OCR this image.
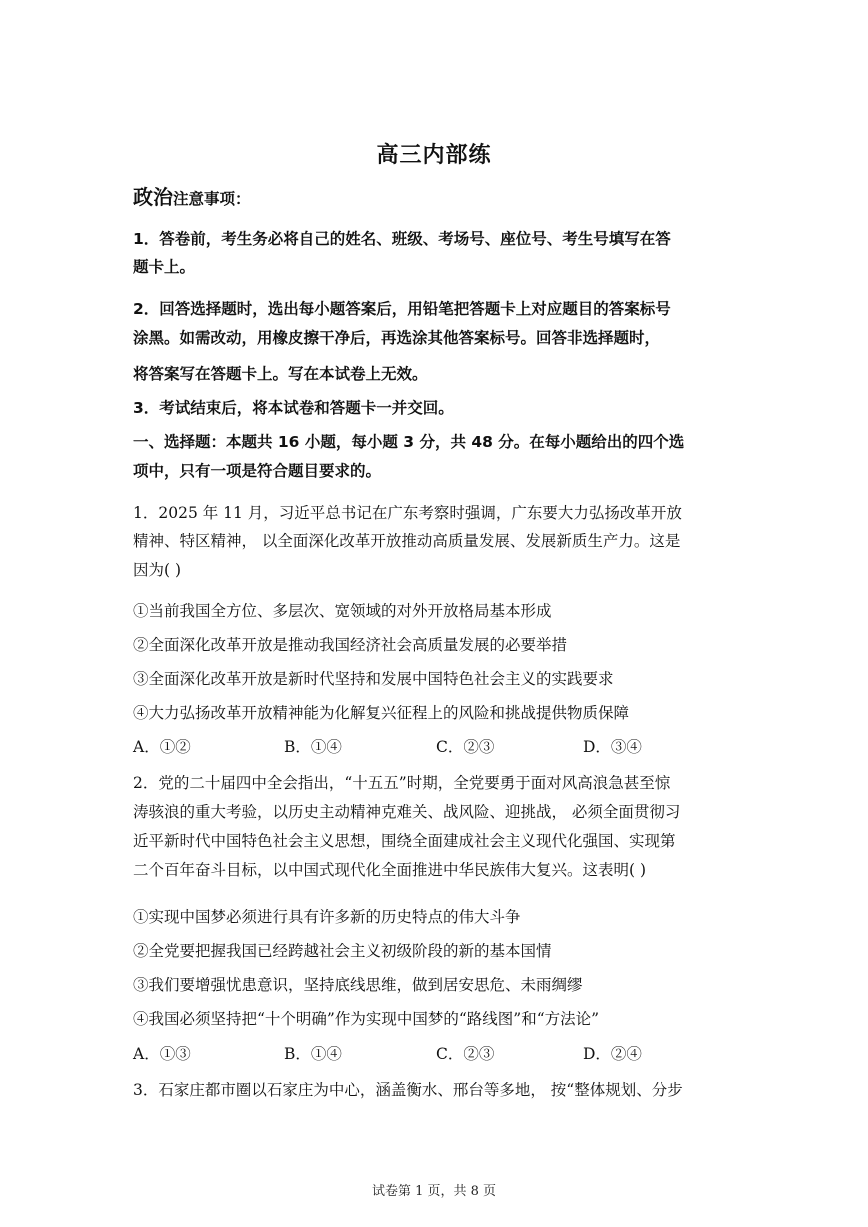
高三内部练
政治注意事项：
1．答卷前，考生务必将自己的姓名、班级、考场号、座位号、考生号填写在答
题卡上。
2．回答选择题时，选出每小题答案后，用铅笔把答题卡上对应题目的答案标号
涂黑。如需改动，用橡皮擦干净后，再选涂其他答案标号。回答非选择题时，
将答案写在答题卡上。写在本试卷上无效。
3．考试结束后，将本试卷和答题卡一并交回。
一、选择题：本题共 16 小题，每小题 3 分，共 48 分。在每小题给出的四个选
项中，只有一项是符合题目要求的。
1．2025 年 11 月，习近平总书记在广东考察时强调，广东要大力弘扬改革开放
精神、特区精神， 以全面深化改革开放推动高质量发展、发展新质生产力。这是
因为( )
①当前我国全方位、多层次、宽领域的对外开放格局基本形成
②全面深化改革开放是推动我国经济社会高质量发展的必要举措
③全面深化改革开放是新时代坚持和发展中国特色社会主义的实践要求
④大力弘扬改革开放精神能为化解复兴征程上的风险和挑战提供物质保障
A．①②	B．①④	C．②③	D．③④
2．党的二十届四中全会指出，“十五五”时期，全党要勇于面对风高浪急甚至惊
涛骇浪的重大考验，以历史主动精神克难关、战风险、迎挑战， 必须全面贯彻习
近平新时代中国特色社会主义思想，围绕全面建成社会主义现代化强国、实现第
二个百年奋斗目标，以中国式现代化全面推进中华民族伟大复兴。这表明( )
①实现中国梦必须进行具有许多新的历史特点的伟大斗争
②全党要把握我国已经跨越社会主义初级阶段的新的基本国情
③我们要增强忧患意识，坚持底线思维，做到居安思危、未雨绸缪
④我国必须坚持把“十个明确”作为实现中国梦的“路线图”和“方法论”
A．①③	B．①④	C．②③	D．②④
3．石家庄都市圈以石家庄为中心，涵盖衡水、邢台等多地， 按“整体规划、分步
试卷第 1 页，共 8 页
